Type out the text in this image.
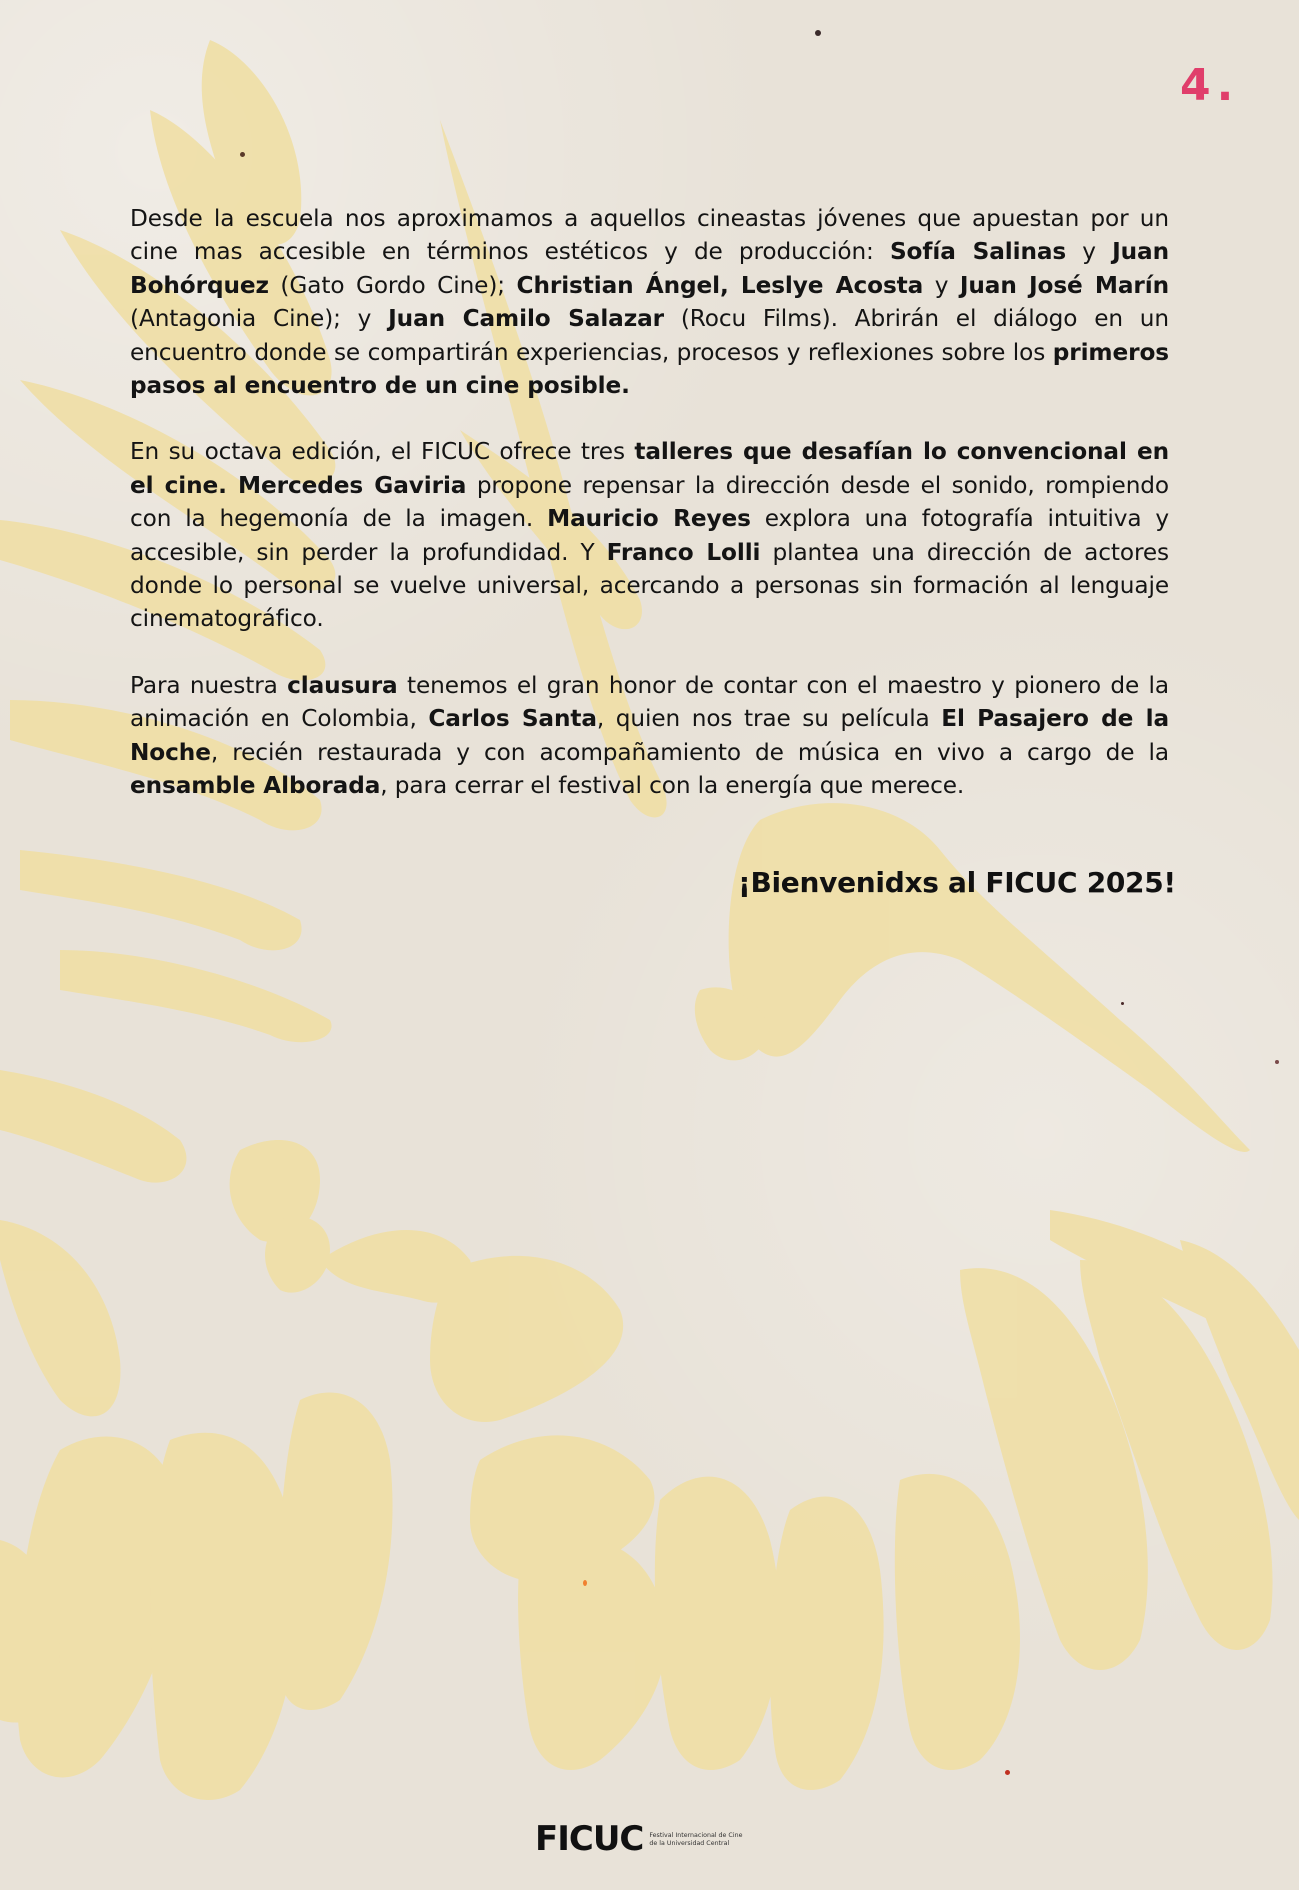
4.

Desde la escuela nos aproximamos a aquellos cineastas jóvenes que apuestan por un cine mas accesible en términos estéticos y de producción: Sofía Salinas y Juan Bohórquez (Gato Gordo Cine); Christian Ángel, Leslye Acosta y Juan José Marín (Antagonia Cine); y Juan Camilo Salazar (Rocu Films). Abrirán el diálogo en un encuentro donde se compartirán experiencias, procesos y reflexiones sobre los primeros pasos al encuentro de un cine posible.

En su octava edición, el FICUC ofrece tres talleres que desafían lo convencional en el cine. Mercedes Gaviria propone repensar la dirección desde el sonido, rompiendo con la hegemonía de la imagen. Mauricio Reyes explora una fotografía intuitiva y accesible, sin perder la profundidad. Y Franco Lolli plantea una dirección de actores donde lo personal se vuelve universal, acercando a personas sin formación al lenguaje cinematográfico.

Para nuestra clausura tenemos el gran honor de contar con el maestro y pionero de la animación en Colombia, Carlos Santa, quien nos trae su película El Pasajero de la Noche, recién restaurada y con acompañamiento de música en vivo a cargo de la ensamble Alborada, para cerrar el festival con la energía que merece.

¡Bienvenidxs al FICUC 2025!
FICUC Festival Internacional de Cine
de la Universidad Central
